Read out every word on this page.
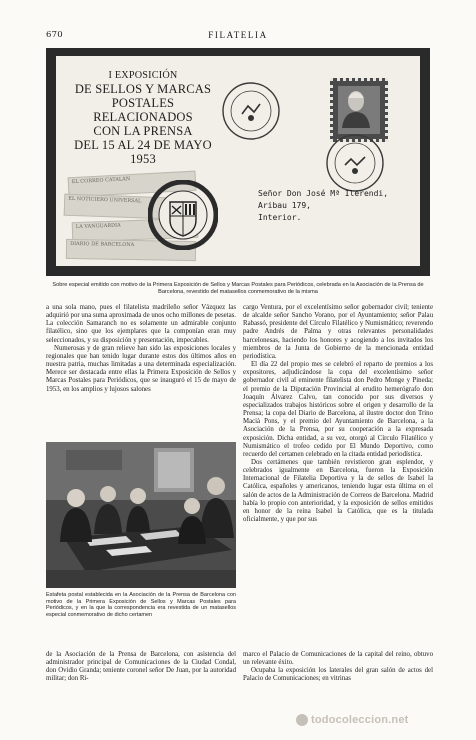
670	FILATELIA
EL CORREO CATALÁN
EL NOTICIERO UNIVERSAL
LA VANGUARDIA
DIARIO DE BARCELONA
I EXPOSICIÓN
DE SELLOS Y MARCAS
POSTALES
RELACIONADOS
CON LA PRENSA
DEL 15 AL 24 DE MAYO
1953
Señor Don José Mª Ilerendi,
Aribau 179,
Interior.
Sobre especial emitido con motivo de la Primera Exposición de Sellos y Marcas Postales para Periódicos, celebrada en la Asociación de la Prensa de Barcelona, revestido del matasellos conmemorativo de la misma

a una sola mano, pues el filatelista madrileño señor Vázquez las adquirió por una suma aproximada de unos ocho millones de pesetas. La colección Samaranch no es solamente un admirable conjunto filatélico, sino que los ejemplares que la componían eran muy seleccionados, y su disposición y presentación, impecables.

Numerosas y de gran relieve han sido las exposiciones locales y regionales que han tenido lugar durante estos dos últimos años en nuestra patria, muchas limitadas a una determinada especialización. Merece ser destacada entre ellas la Primera Exposición de Sellos y Marcas Postales para Periódicos, que se inauguró el 15 de mayo de 1953, en los amplios y lujosos salones

cargo Ventura, por el excelentísimo señor gobernador civil; teniente de alcalde señor Sancho Vorano, por el Ayuntamiento; señor Palau Rabassó, presidente del Círculo Filatélico y Numismático; reverendo padre Andrés de Palma y otras relevantes personalidades barcelonesas, haciendo los honores y acogiendo a los invitados los miembros de la Junta de Gobierno de la mencionada entidad periodística.

El día 22 del propio mes se celebró el reparto de premios a los expositores, adjudicándose la copa del excelentísimo señor gobernador civil al eminente filatelista don Pedro Monge y Pineda; el premio de la Diputación Provincial al erudito hemerógrafo don Joaquín Álvarez Calvo, tan conocido por sus diversos y especializados trabajos históricos sobre el origen y desarrollo de la Prensa; la copa del Diario de Barcelona, al ilustre doctor don Trino Macià Pons, y el premio del Ayuntamiento de Barcelona, a la Asociación de la Prensa, por su cooperación a la expresada exposición. Dicha entidad, a su vez, otorgó al Círculo Filatélico y Numismático el trofeo cedido por El Mundo Deportivo, como recuerdo del certamen celebrado en la citada entidad periodística.

Dos certámenes que también revistieron gran esplendor, y celebrados igualmente en Barcelona, fueron la Exposición Internacional de Filatelia Deportiva y la de sellos de Isabel la Católica, españoles y americanos, teniendo lugar esta última en el salón de actos de la Administración de Correos de Barcelona. Madrid había lo propio con anterioridad, y la exposición de sellos emitidos en honor de la reina Isabel la Católica, que es la titulada oficialmente, y que por sus

Estafeta postal establecida en la Asociación de la Prensa de Barcelona con motivo de la Primera Exposición de Sellos y Marcas Postales para Periódicos, y en la que la correspondencia era revestida de un matasellos especial conmemorativo de dicho certamen

de la Asociación de la Prensa de Barcelona, con asistencia del administrador principal de Comunicaciones de la Ciudad Condal, don Ovidio Granda; teniente coronel señor De Juan, por la autoridad militar; don Ri-

marco el Palacio de Comunicaciones de la capital del reino, obtuvo un relevante éxito.

Ocupaba la exposición los laterales del gran salón de actos del Palacio de Comunicaciones; en vitrinas

todocoleccion.net
